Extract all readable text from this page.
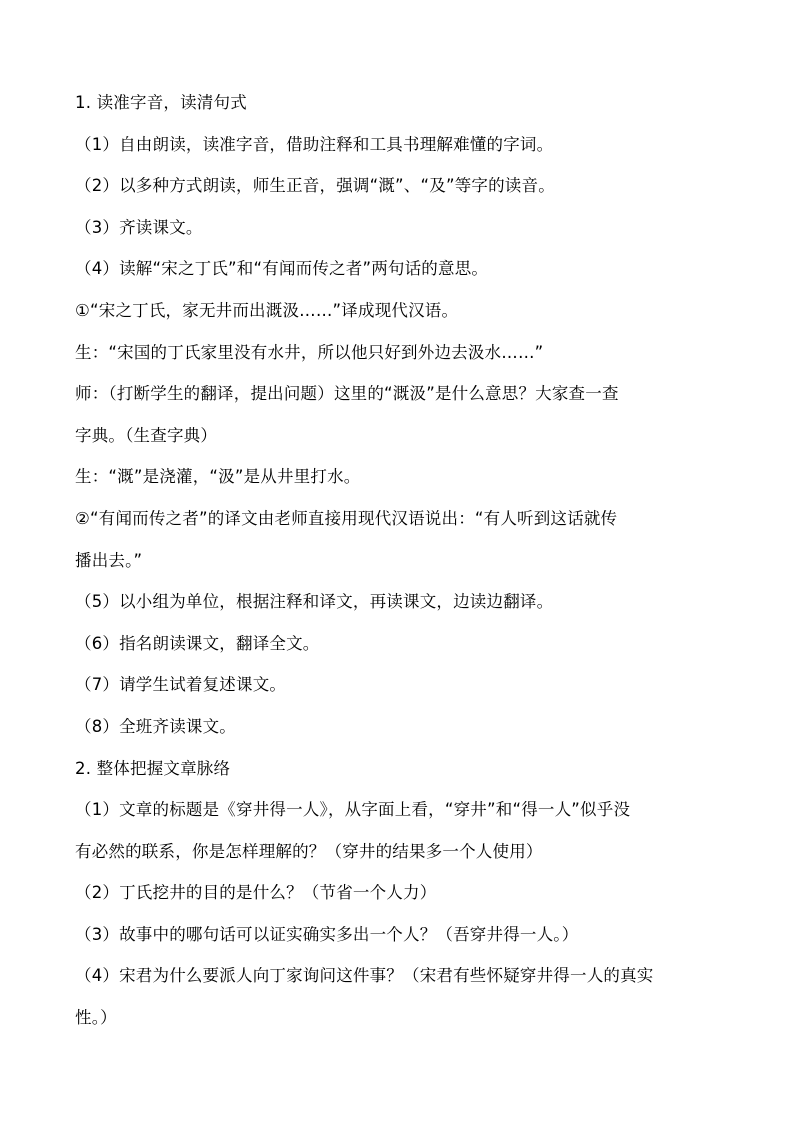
1. 读准字音，读清句式
（1）自由朗读，读准字音，借助注释和工具书理解难懂的字词。
（2）以多种方式朗读，师生正音，强调“溉”、“及”等字的读音。
（3）齐读课文。
（4）读解“宋之丁氏”和“有闻而传之者”两句话的意思。
①“宋之丁氏，家无井而出溉汲……”译成现代汉语。
生：“宋国的丁氏家里没有水井，所以他只好到外边去汲水……”
师：（打断学生的翻译，提出问题）这里的“溉汲”是什么意思？大家查一查
字典。（生查字典）
生：“溉”是浇灌，“汲”是从井里打水。
②“有闻而传之者”的译文由老师直接用现代汉语说出：“有人听到这话就传
播出去。”
（5）以小组为单位，根据注释和译文，再读课文，边读边翻译。
（6）指名朗读课文，翻译全文。
（7）请学生试着复述课文。
（8）全班齐读课文。
2. 整体把握文章脉络
（1）文章的标题是《穿井得一人》，从字面上看，“穿井”和“得一人”似乎没
有必然的联系，你是怎样理解的？（穿井的结果多一个人使用）
（2）丁氏挖井的目的是什么？（节省一个人力）
（3）故事中的哪句话可以证实确实多出一个人？（吾穿井得一人。）
（4）宋君为什么要派人向丁家询问这件事？（宋君有些怀疑穿井得一人的真实
性。）
